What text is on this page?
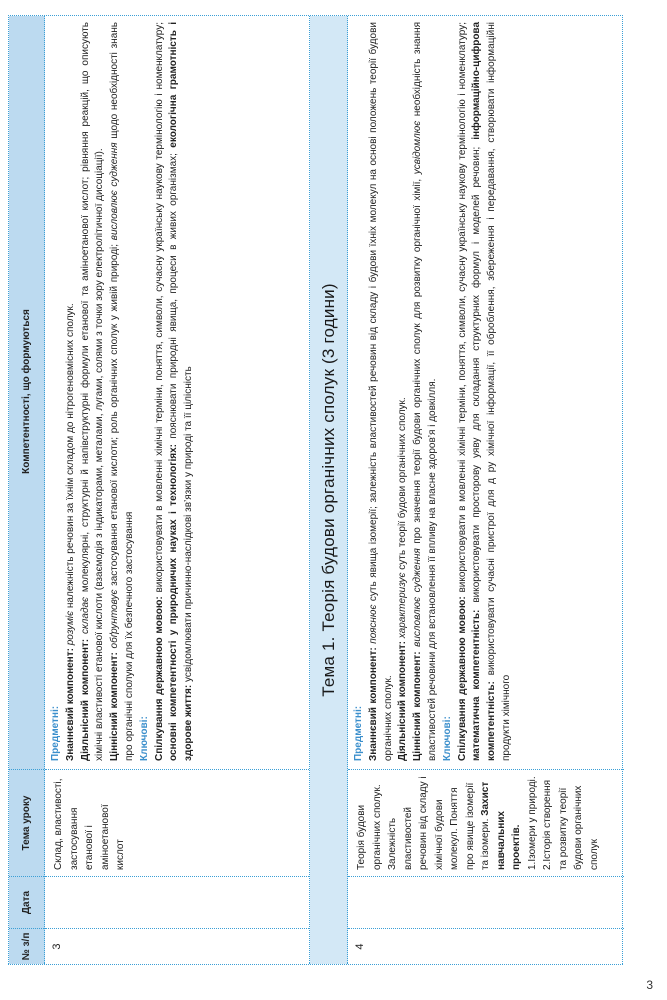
№ з/п
Дата
Тема уроку
Компетентності, що формуються
3
Склад, властивості, застосування етанової і аміноетанової кислот

Предметні: Знаннєвий компонент: розуміє належність речовин за їхнім складом до нітрогеновмісних сполук.

Діяльнісний компонент: складає молекулярні, структурні й напівструктурні формули етанової та аміноетанової кислот; рівняння реакцій, що описують хімічні властивості етанової кислоти (взаємодія з індикаторами, металами, лугами, солями з точки зору електролітичної дисоціації). Ціннісний компонент: обґрунтовує застосування етанової кислоти; роль органічних сполук у живій природі; висловлює судження щодо необхідності знань про органічні сполуки для їх безпечного застосування Ключові: Спілкування державною мовою: використовувати в мовленні хімічні терміни, поняття, символи, сучасну українську наукову термінологію і номенклатуру; основні компетентності у природничих науках і технологіях: пояснювати природні явища, процеси в живих організмах; екологічна грамотність і здорове життя: усвідомлювати причинно-наслідкові зв’язки у природі та її цілісність	Тема 1. Теорія будови органічних сполук (3 години)
4
Теорія будови органічних сполук. Залежність властивостей речовин від складу і хімічної будови молекул. Поняття про явище ізомерії та ізомери. Захист навчальних проектів. 1.Ізомери у природі. 2.Історія створення та розвитку теорії будови органічних сполук

Предметні: Знаннєвий компонент: пояснює суть явища ізомерії; залежність властивостей речовин від складу і будови їхніх молекул на основі положень теорії будови органічних сполук. Діяльнісний компонент: характеризує суть теорії будови органічних сполук.

Ціннісний компонент: висловлює судження про значення теорії будови органічних сполук для розвитку органічної хімії, усвідомлює необхідність знання властивостей речовини для встановлення її впливу на власне здоров’я і довкілля. Ключові: Спілкування державною мовою: використовувати в мовленні хімічні терміни, поняття, символи, сучасну українську наукову термінологію і номенклатуру; математична компетентність: використовувати просторову уяву для складання структурних формул і моделей речовин; інформаційно-цифрова компетентність: використовувати сучасні пристрої для д ру хімічної інформації, її оброблення, збереження і передавання, створювати інформаційні продукти хімічного

3
